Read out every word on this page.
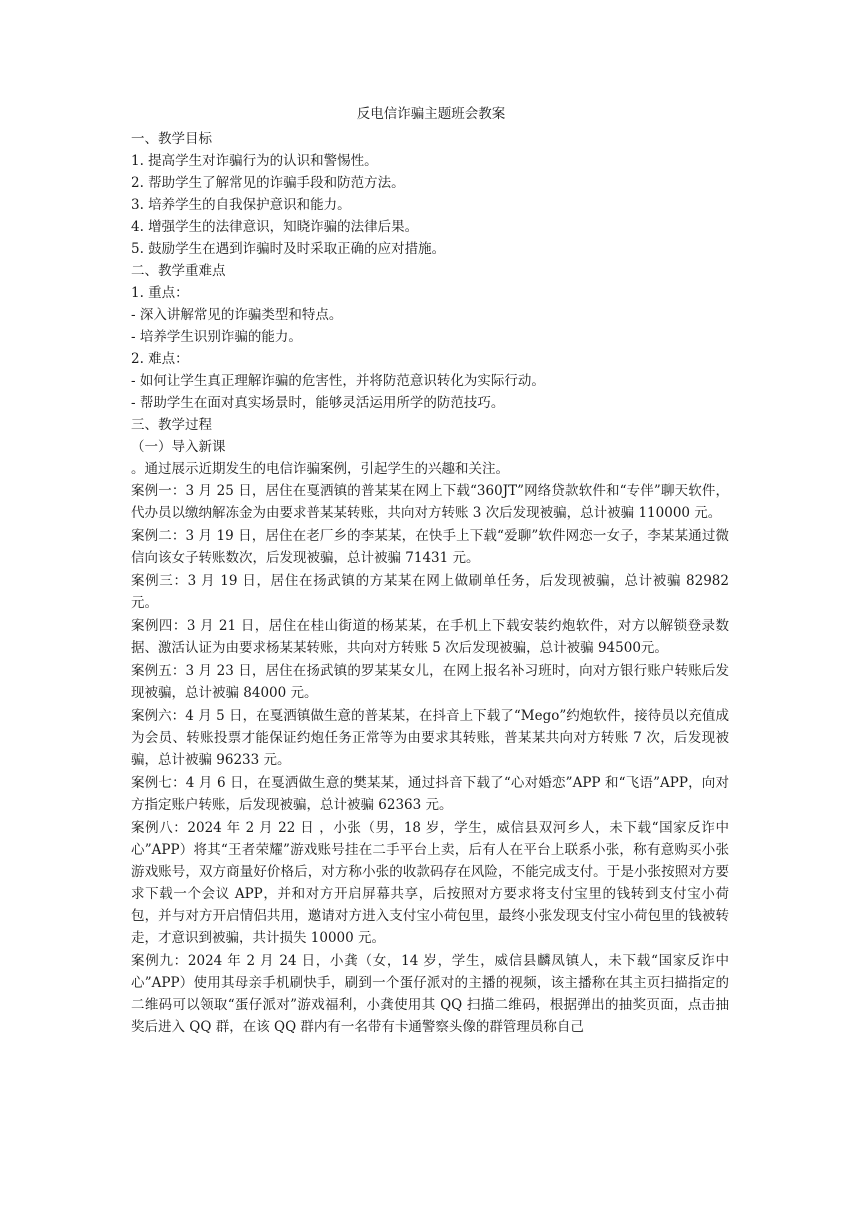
反电信诈骗主题班会教案
一、教学目标
1. 提高学生对诈骗行为的认识和警惕性。
2. 帮助学生了解常见的诈骗手段和防范方法。
3. 培养学生的自我保护意识和能力。
4. 增强学生的法律意识，知晓诈骗的法律后果。
5. 鼓励学生在遇到诈骗时及时采取正确的应对措施。
二、教学重难点
1. 重点：
- 深入讲解常见的诈骗类型和特点。
- 培养学生识别诈骗的能力。
2. 难点：
- 如何让学生真正理解诈骗的危害性，并将防范意识转化为实际行动。
- 帮助学生在面对真实场景时，能够灵活运用所学的防范技巧。
三、教学过程
（一）导入新课
。通过展示近期发生的电信诈骗案例，引起学生的兴趣和关注。
案例一：3 月 25 日，居住在戛洒镇的普某某在网上下载“360JT”网络贷款软件和“专伴”聊天软件，代办员以缴纳解冻金为由要求普某某转账，共向对方转账 3 次后发现被骗，总计被骗 110000 元。
案例二：3 月 19 日，居住在老厂乡的李某某，在快手上下载“爱聊”软件网恋一女子，李某某通过微信向该女子转账数次，后发现被骗，总计被骗 71431 元。
案例三：3 月 19 日，居住在扬武镇的方某某在网上做刷单任务，后发现被骗，总计被骗 82982元。
案例四：3 月 21 日，居住在桂山街道的杨某某，在手机上下载安装约炮软件，对方以解锁登录数据、激活认证为由要求杨某某转账，共向对方转账 5 次后发现被骗，总计被骗 94500元。
案例五：3 月 23 日，居住在扬武镇的罗某某女儿，在网上报名补习班时，向对方银行账户转账后发现被骗，总计被骗 84000 元。
案例六：4 月 5 日，在戛洒镇做生意的普某某，在抖音上下载了“Mego”约炮软件，接待员以充值成为会员、转账投票才能保证约炮任务正常等为由要求其转账，普某某共向对方转账 7 次，后发现被骗，总计被骗 96233 元。
案例七：4 月 6 日，在戛洒做生意的樊某某，通过抖音下载了“心对婚恋”APP 和“飞语”APP，向对方指定账户转账，后发现被骗，总计被骗 62363 元。
案例八：2024 年 2 月 22 日 ，小张（男，18 岁，学生，威信县双河乡人，未下载“国家反诈中心”APP）将其“王者荣耀”游戏账号挂在二手平台上卖，后有人在平台上联系小张，称有意购买小张游戏账号，双方商量好价格后，对方称小张的收款码存在风险，不能完成支付。于是小张按照对方要求下载一个会议 APP，并和对方开启屏幕共享，后按照对方要求将支付宝里的钱转到支付宝小荷包，并与对方开启情侣共用，邀请对方进入支付宝小荷包里，最终小张发现支付宝小荷包里的钱被转走，才意识到被骗，共计损失 10000 元。
案例九：2024 年 2 月 24 日，小龚（女，14 岁，学生，威信县麟凤镇人，未下载“国家反诈中心”APP）使用其母亲手机刷快手，刷到一个蛋仔派对的主播的视频，该主播称在其主页扫描指定的二维码可以领取“蛋仔派对”游戏福利，小龚使用其 QQ 扫描二维码，根据弹出的抽奖页面，点击抽奖后进入 QQ 群，在该 QQ 群内有一名带有卡通警察头像的群管理员称自己
